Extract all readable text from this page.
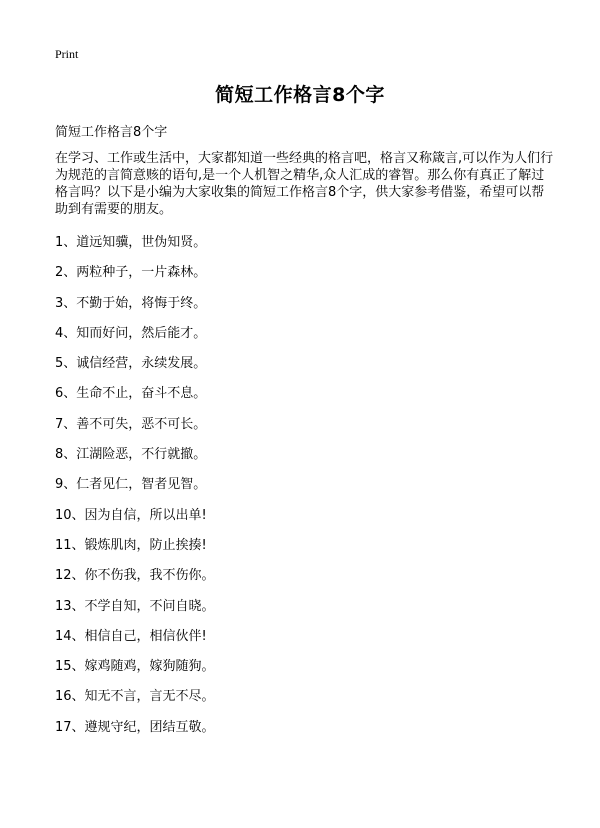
Print
简短工作格言8个字
简短工作格言8个字

在学习、工作或生活中，大家都知道一些经典的格言吧，格言又称箴言,可以作为人们行为规范的言简意赅的语句,是一个人机智之精华,众人汇成的睿智。那么你有真正了解过格言吗？以下是小编为大家收集的简短工作格言8个字，供大家参考借鉴，希望可以帮助到有需要的朋友。

1、道远知骥，世伪知贤。
2、两粒种子，一片森林。
3、不勤于始，将悔于终。
4、知而好问，然后能才。
5、诚信经营，永续发展。
6、生命不止，奋斗不息。
7、善不可失，恶不可长。
8、江湖险恶，不行就撤。
9、仁者见仁，智者见智。
10、因为自信，所以出单!
11、锻炼肌肉，防止挨揍!
12、你不伤我，我不伤你。
13、不学自知，不问自晓。
14、相信自己，相信伙伴!
15、嫁鸡随鸡，嫁狗随狗。
16、知无不言，言无不尽。
17、遵规守纪，团结互敬。
